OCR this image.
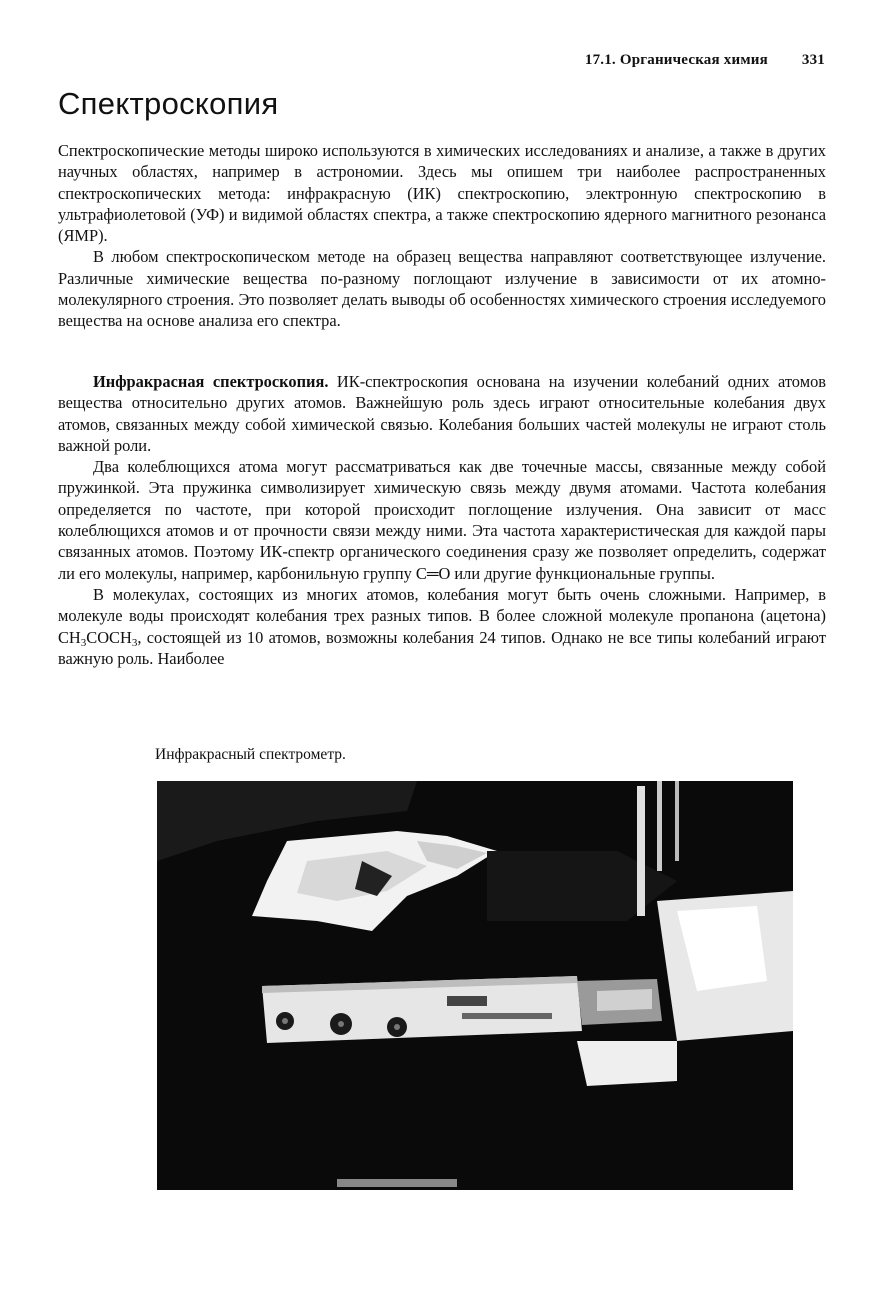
17.1. Органическая химия 331
Спектроскопия

Спектроскопические методы широко используются в химических исследованиях и анализе, а также в других научных областях, например в астрономии. Здесь мы опишем три наиболее распространенных спектроскопических метода: инфракрасную (ИК) спектроскопию, электронную спектроскопию в ультрафиолетовой (УФ) и видимой областях спектра, а также спектроскопию ядерного магнитного резонанса (ЯМР).

В любом спектроскопическом методе на образец вещества направляют соответствующее излучение. Различные химические вещества по-разному поглощают излучение в зависимости от их атомно-молекулярного строения. Это позволяет делать выводы об особенностях химического строения исследуемого вещества на основе анализа его спектра.

Инфракрасная спектроскопия. ИК-спектроскопия основана на изучении колебаний одних атомов вещества относительно других атомов. Важнейшую роль здесь играют относительные колебания двух атомов, связанных между собой химической связью. Колебания больших частей молекулы не играют столь важной роли.

Два колеблющихся атома могут рассматриваться как две точечные массы, связанные между собой пружинкой. Эта пружинка символизирует химическую связь между двумя атомами. Частота колебания определяется по частоте, при которой происходит поглощение излучения. Она зависит от масс колеблющихся атомов и от прочности связи между ними. Эта частота характеристическая для каждой пары связанных атомов. Поэтому ИК-спектр органического соединения сразу же позволяет определить, содержат ли его молекулы, например, карбонильную группу С═О или другие функциональные группы.

В молекулах, состоящих из многих атомов, колебания могут быть очень сложными. Например, в молекуле воды происходят колебания трех разных типов. В более сложной молекуле пропанона (ацетона) $CH_3COCH_3$, состоящей из 10 атомов, возможны колебания 24 типов. Однако не все типы колебаний играют важную роль. Наиболее

Инфракрасный спектрометр.
